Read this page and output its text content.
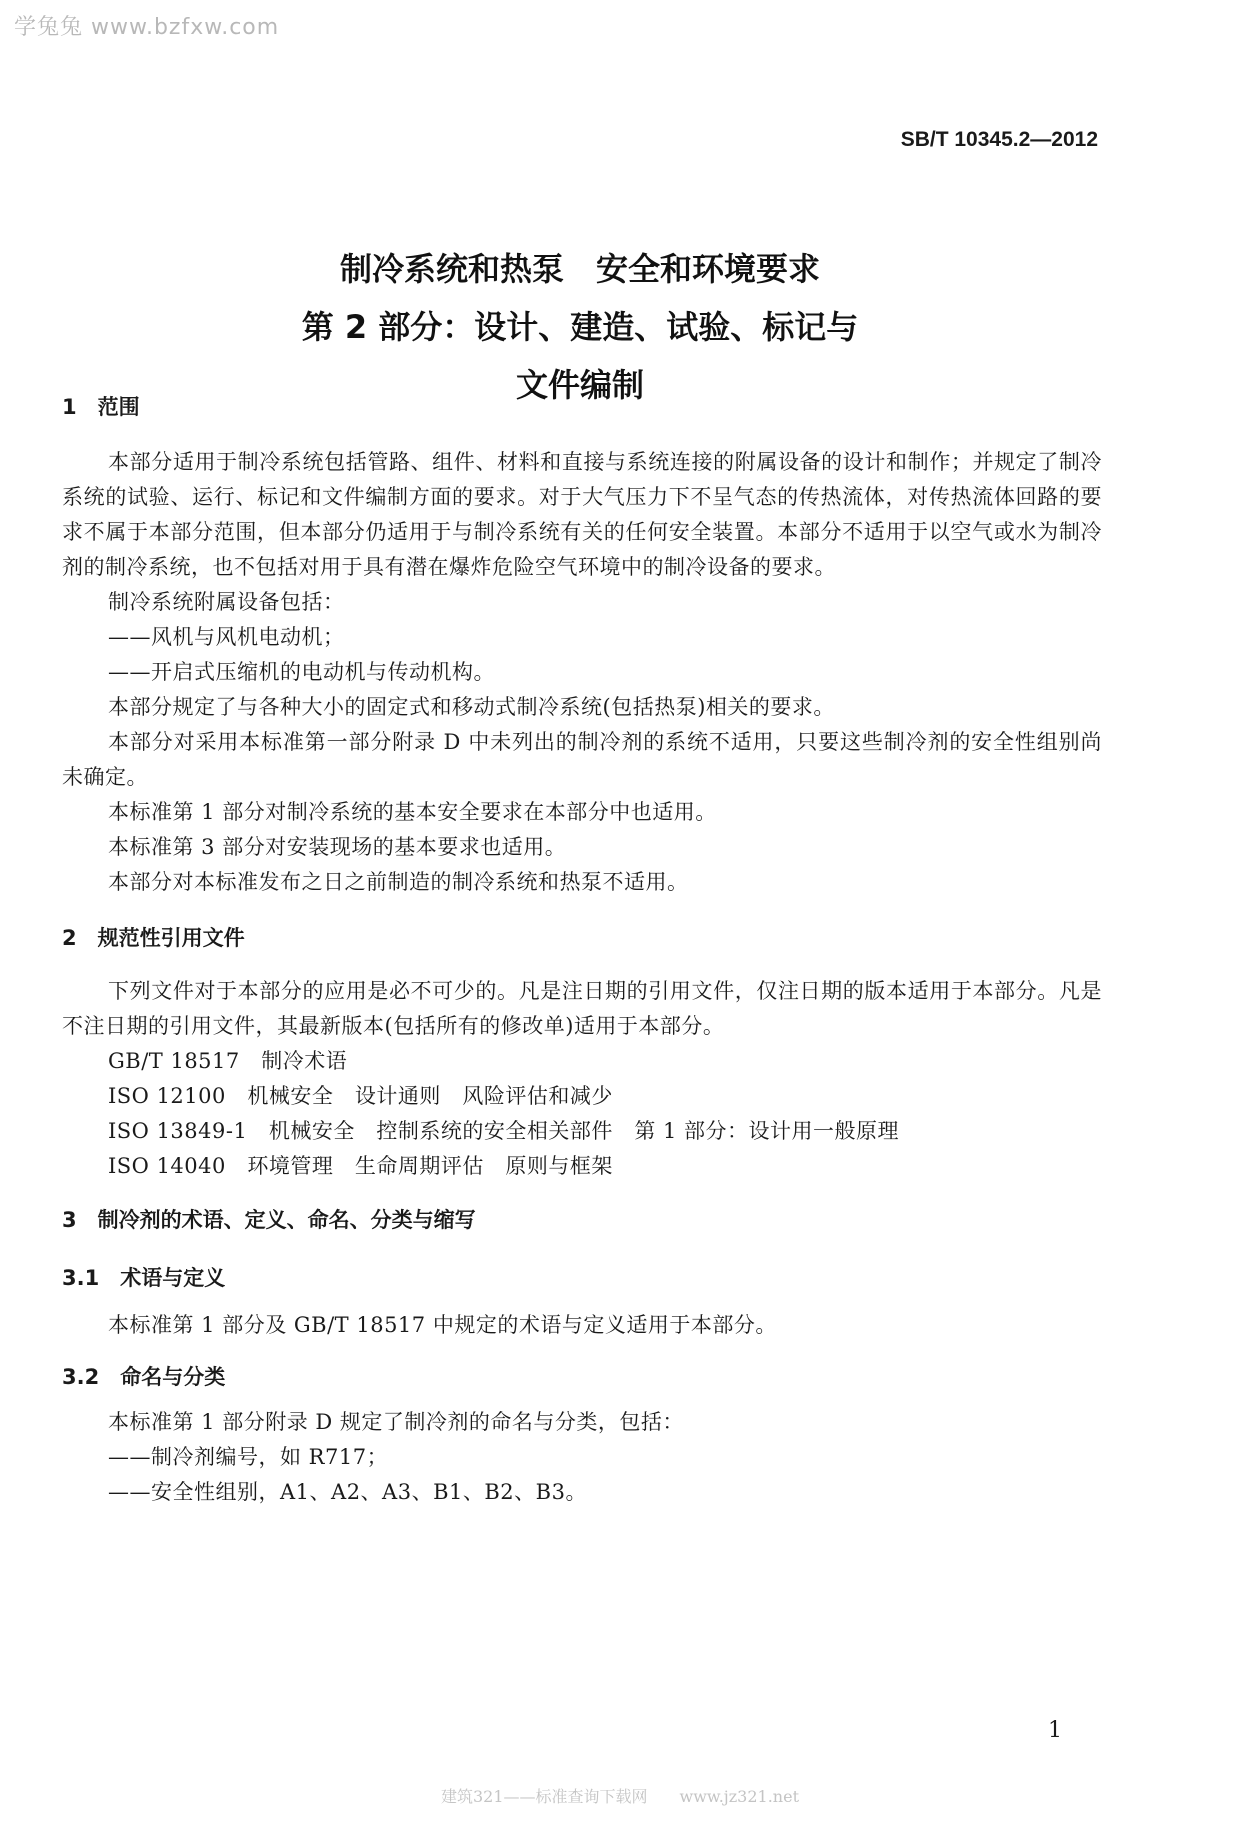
学兔兔 www.bzfxw.com
SB/T 10345.2—2012
制冷系统和热泵　安全和环境要求
第 2 部分：设计、建造、试验、标记与
文件编制
1　范围
本部分适用于制冷系统包括管路、组件、材料和直接与系统连接的附属设备的设计和制作；并规定了制冷系统的试验、运行、标记和文件编制方面的要求。对于大气压力下不呈气态的传热流体，对传热流体回路的要求不属于本部分范围，但本部分仍适用于与制冷系统有关的任何安全装置。本部分不适用于以空气或水为制冷剂的制冷系统，也不包括对用于具有潜在爆炸危险空气环境中的制冷设备的要求。
制冷系统附属设备包括：
——风机与风机电动机；
——开启式压缩机的电动机与传动机构。
本部分规定了与各种大小的固定式和移动式制冷系统(包括热泵)相关的要求。
本部分对采用本标准第一部分附录 D 中未列出的制冷剂的系统不适用，只要这些制冷剂的安全性组别尚未确定。
本标准第 1 部分对制冷系统的基本安全要求在本部分中也适用。
本标准第 3 部分对安装现场的基本要求也适用。
本部分对本标准发布之日之前制造的制冷系统和热泵不适用。
2　规范性引用文件
下列文件对于本部分的应用是必不可少的。凡是注日期的引用文件，仅注日期的版本适用于本部分。凡是不注日期的引用文件，其最新版本(包括所有的修改单)适用于本部分。
GB/T 18517　制冷术语
ISO 12100　机械安全　设计通则　风险评估和减少
ISO 13849-1　机械安全　控制系统的安全相关部件　第 1 部分：设计用一般原理
ISO 14040　环境管理　生命周期评估　原则与框架
3　制冷剂的术语、定义、命名、分类与缩写
3.1　术语与定义
本标准第 1 部分及 GB/T 18517 中规定的术语与定义适用于本部分。
3.2　命名与分类
本标准第 1 部分附录 D 规定了制冷剂的命名与分类，包括：
——制冷剂编号，如 R717；
——安全性组别，A1、A2、A3、B1、B2、B3。
1
建筑321——标准查询下载网　　www.jz321.net
